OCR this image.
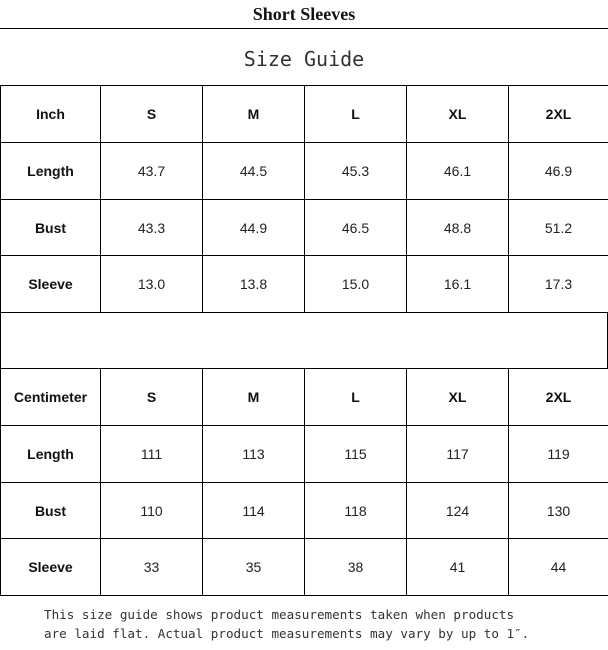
Short Sleeves
Size Guide
Inch	S	M	L	XL	2XL
Length	43.7	44.5	45.3	46.1	46.9
Bust	43.3	44.9	46.5	48.8	51.2
Sleeve	13.0	13.8	15.0	16.1	17.3
Centimeter	S	M	L	XL	2XL
Length	111	113	115	117	119
Bust	110	114	118	124	130
Sleeve	33	35	38	41	44
This size guide shows product measurements taken when products
are laid flat. Actual product measurements may vary by up to 1″.
